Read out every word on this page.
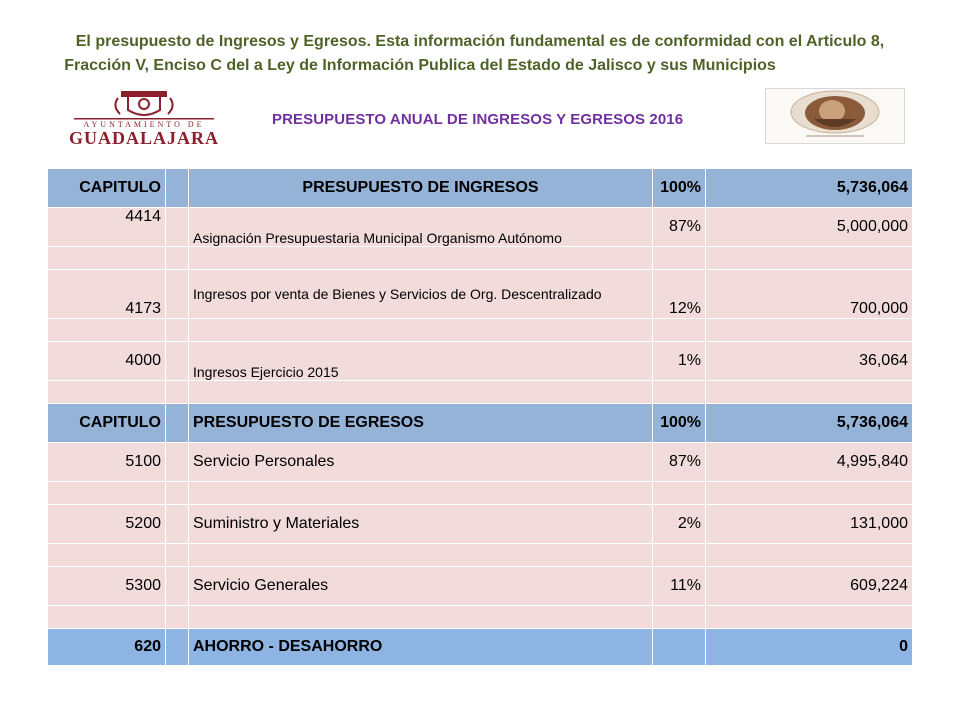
El presupuesto de Ingresos y Egresos. Esta información fundamental es de conformidad con el Articulo 8,
Fracción V, Enciso C del a Ley de Información Publica del Estado de Jalisco y sus Municipios

AYUNTAMIENTO DE
GUADALAJARA
PRESUPUESTO ANUAL DE INGRESOS Y EGRESOS 2016
CAPITULO		PRESUPUESTO DE INGRESOS	100%	5,736,064
4414		Asignación Presupuestaria Municipal Organismo Autónomo	87%	5,000,000

4173		Ingresos por venta de Bienes y Servicios de Org. Descentralizado	12%	700,000

4000		Ingresos Ejercicio 2015	1%	36,064

CAPITULO		PRESUPUESTO DE EGRESOS	100%	5,736,064
5100		Servicio Personales	87%	4,995,840

5200		Suministro y Materiales	2%	131,000

5300		Servicio Generales	11%	609,224

620		AHORRO - DESAHORRO		0
